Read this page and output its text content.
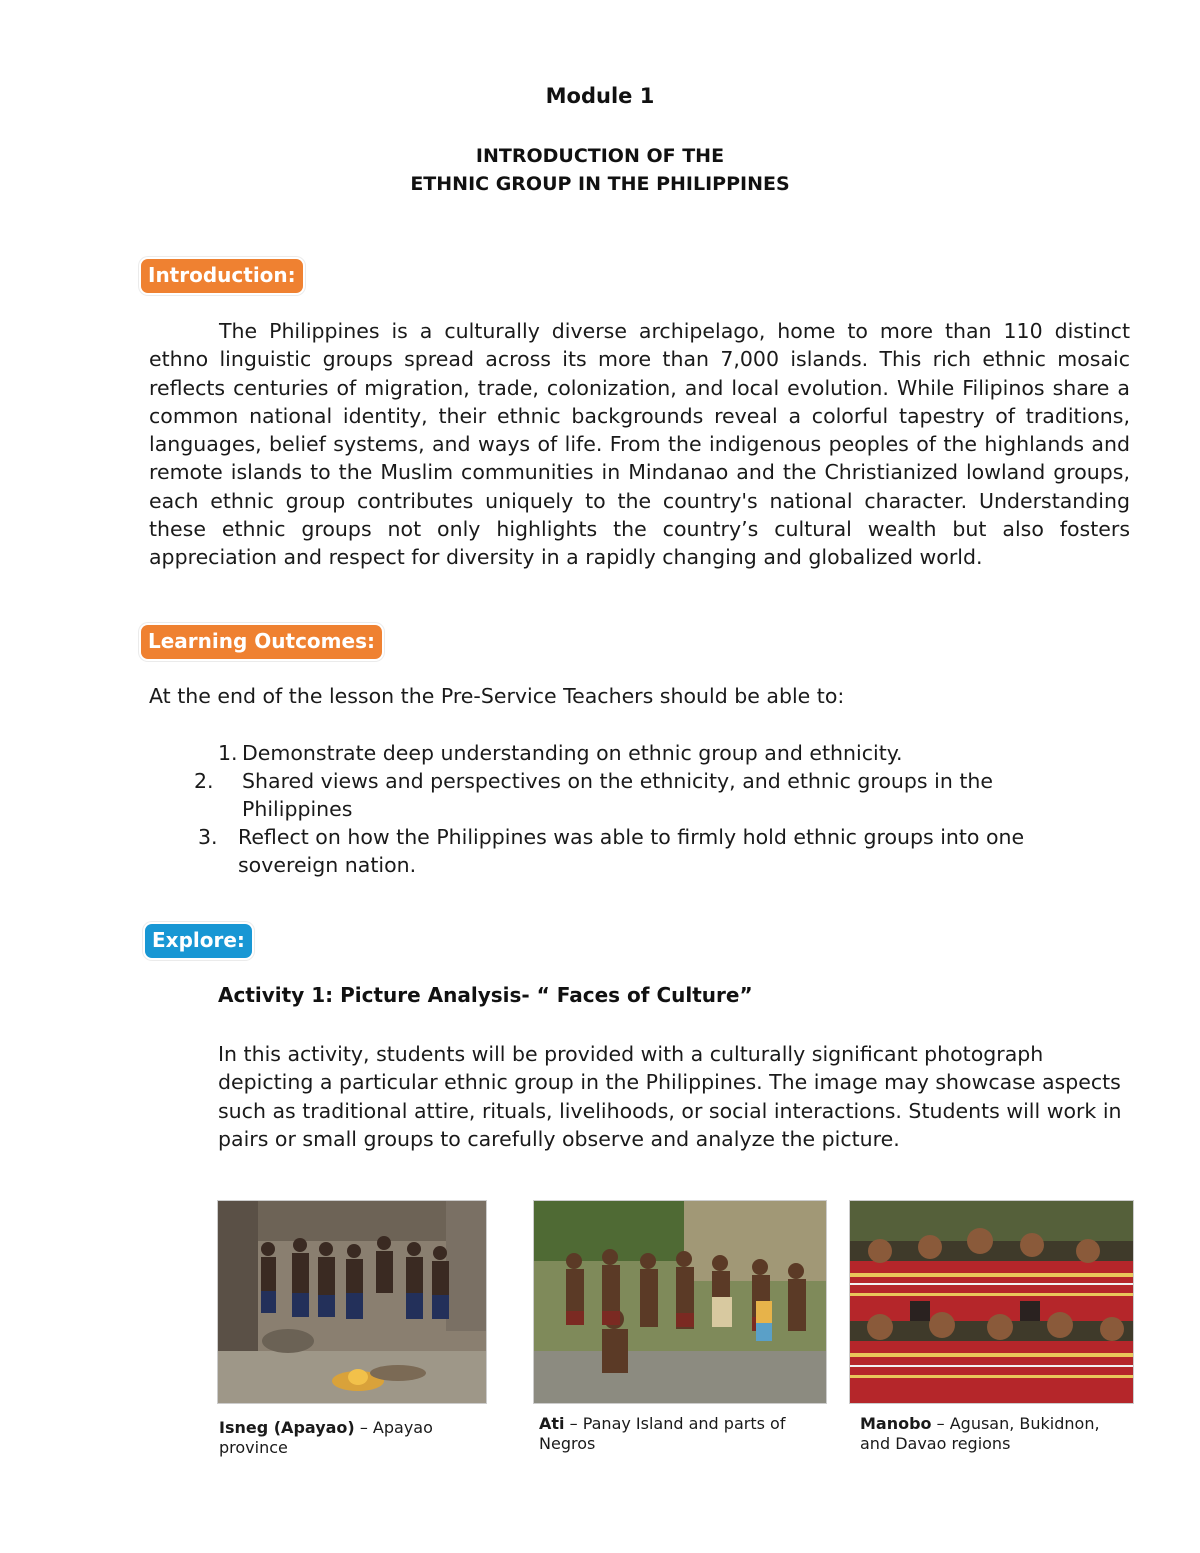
Module 1
INTRODUCTION OF THE
ETHNIC GROUP IN THE PHILIPPINES
Introduction:
The Philippines is a culturally diverse archipelago, home to more than 110 distinct ethno linguistic groups spread across its more than 7,000 islands. This rich ethnic mosaic reflects centuries of migration, trade, colonization, and local evolution. While Filipinos share a common national identity, their ethnic backgrounds reveal a colorful tapestry of traditions, languages, belief systems, and ways of life. From the indigenous peoples of the highlands and remote islands to the Muslim communities in Mindanao and the Christianized lowland groups, each ethnic group contributes uniquely to the country's national character. Understanding these ethnic groups not only highlights the country’s cultural wealth but also fosters appreciation and respect for diversity in a rapidly changing and globalized world.
Learning Outcomes:
At the end of the lesson the Pre-Service Teachers should be able to:
1. Demonstrate deep understanding on ethnic group and ethnicity.
2. Shared views and perspectives on the ethnicity, and ethnic groups in the Philippines
3. Reflect on how the Philippines was able to firmly hold ethnic groups into one sovereign nation.
Explore:
Activity 1: Picture Analysis- “ Faces of Culture”
In this activity, students will be provided with a culturally significant photograph depicting a particular ethnic group in the Philippines. The image may showcase aspects such as traditional attire, rituals, livelihoods, or social interactions. Students will work in pairs or small groups to carefully observe and analyze the picture.
Isneg (Apayao) – Apayao province
Ati – Panay Island and parts of Negros
Manobo – Agusan, Bukidnon, and Davao regions
